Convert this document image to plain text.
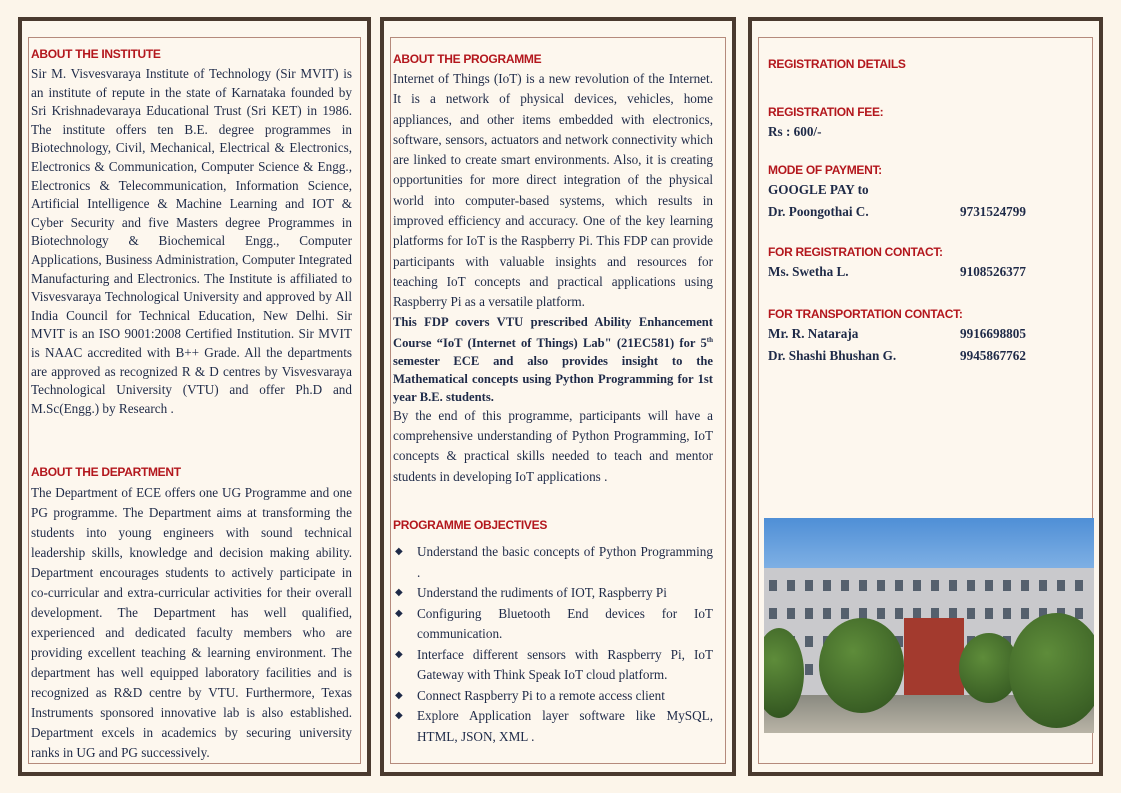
ABOUT THE INSTITUTE

Sir M. Visvesvaraya Institute of Technology (Sir MVIT) is an institute of repute in the state of Karnataka founded by Sri Krishnadevaraya Educational Trust (Sri KET) in 1986. The institute offers ten B.E. degree programmes in Biotechnology, Civil, Mechanical, Electrical & Electronics, Electronics & Communication, Computer Science & Engg., Electronics & Telecommunication, Information Science, Artificial Intelligence & Machine Learning and IOT & Cyber Security and five Masters degree Programmes in Biotechnology & Biochemical Engg., Computer Applications, Business Administration, Computer Integrated Manufacturing and Electronics. The Institute is affiliated to Visvesvaraya Technological University and approved by All India Council for Technical Education, New Delhi. Sir MVIT is an ISO 9001:2008 Certified Institution. Sir MVIT is NAAC accredited with B++ Grade. All the departments are approved as recognized R & D centres by Visvesvaraya Technological University (VTU) and offer Ph.D and M.Sc(Engg.) by Research .

ABOUT THE DEPARTMENT

The Department of ECE offers one UG Programme and one PG programme. The Department aims at transforming the students into young engineers with sound technical leadership skills, knowledge and decision making ability. Department encourages students to actively participate in co-curricular and extra-curricular activities for their overall development. The Department has well qualified, experienced and dedicated faculty members who are providing excellent teaching & learning environment. The department has well equipped laboratory facilities and is recognized as R&D centre by VTU. Furthermore, Texas Instruments sponsored innovative lab is also established. Department excels in academics by securing university ranks in UG and PG successively.

ABOUT THE PROGRAMME

Internet of Things (IoT) is a new revolution of the Internet. It is a network of physical devices, vehicles, home appliances, and other items embedded with electronics, software, sensors, actuators and network connectivity which are linked to create smart environments. Also, it is creating opportunities for more direct integration of the physical world into computer-based systems, which results in improved efficiency and accuracy. One of the key learning platforms for IoT is the Raspberry Pi. This FDP can provide participants with valuable insights and resources for teaching IoT concepts and practical applications using Raspberry Pi as a versatile platform.

This FDP covers VTU prescribed Ability Enhancement Course “IoT (Internet of Things) Lab" (21EC581) for 5th semester ECE and also provides insight to the Mathematical concepts using Python Programming for 1st year B.E. students.

By the end of this programme, participants will have a comprehensive understanding of Python Programming, IoT concepts & practical skills needed to teach and mentor students in developing IoT applications .

PROGRAMME OBJECTIVES
◆ Understand the basic concepts of Python Programming .
◆ Understand the rudiments of IOT, Raspberry Pi
◆ Configuring Bluetooth End devices for IoT communication.
◆ Interface different sensors with Raspberry Pi, IoT Gateway with Think Speak IoT cloud platform.
◆ Connect Raspberry Pi to a remote access client
◆ Explore Application layer software like MySQL, HTML, JSON, XML .
REGISTRATION DETAILS
REGISTRATION FEE:
Rs : 600/-
MODE OF PAYMENT:
GOOGLE PAY to
Dr. Poongothai C.	9731524799
FOR REGISTRATION CONTACT:
Ms. Swetha L.	9108526377
FOR TRANSPORTATION CONTACT:
Mr. R. Nataraja	9916698805
Dr. Shashi Bhushan G.	9945867762
